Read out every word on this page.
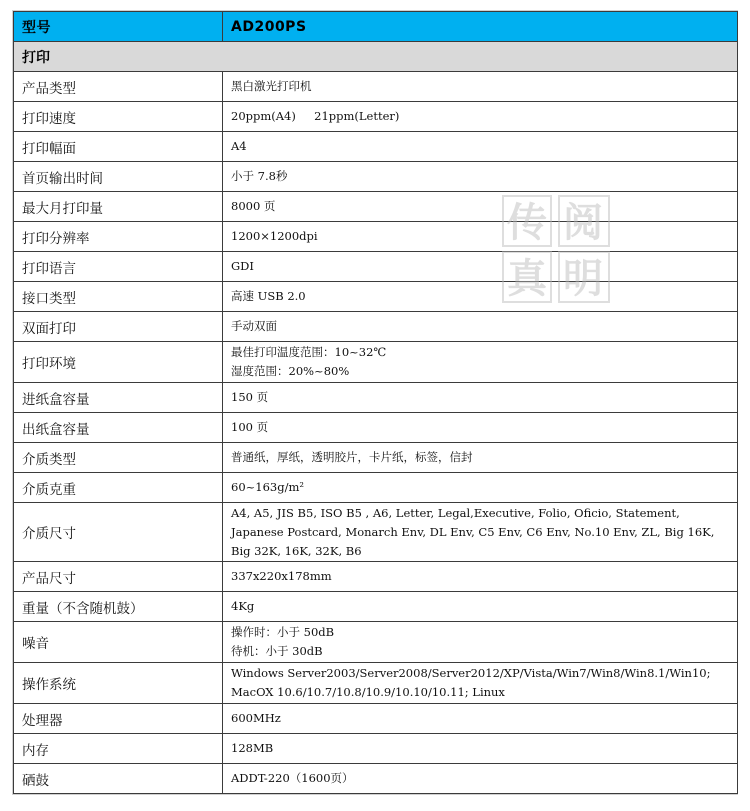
型号	AD200PS
打印	
产品类型	黑白激光打印机

打印速度	20ppm(A4)     21ppm(Letter)

打印幅面	A4

首页输出时间	小于 7.8秒

最大月打印量	8000 页

打印分辨率	1200×1200dpi

打印语言	GDI

接口类型	高速 USB 2.0

双面打印	手动双面

打印环境	最佳打印温度范围：10~32℃
湿度范围：20%~80%

进纸盒容量	150 页

出纸盒容量	100 页

介质类型	普通纸，厚纸，透明胶片，卡片纸，标签，信封

介质克重	60~163g/m²

介质尺寸	A4, A5, JIS B5, ISO B5 , A6, Letter, Legal,Executive, Folio, Oficio, Statement,
Japanese Postcard, Monarch Env, DL Env, C5 Env, C6 Env, No.10 Env, ZL, Big 16K,
Big 32K, 16K, 32K, B6

产品尺寸	337x220x178mm

重量（不含随机鼓）	4Kg

噪音	操作时：小于 50dB
待机：小于 30dB

操作系统	Windows Server2003/Server2008/Server2012/XP/Vista/Win7/Win8/Win8.1/Win10;
MacOX 10.6/10.7/10.8/10.9/10.10/10.11; Linux

处理器	600MHz

内存	128MB

硒鼓	ADDT-220（1600页）
传 阅
真 明
